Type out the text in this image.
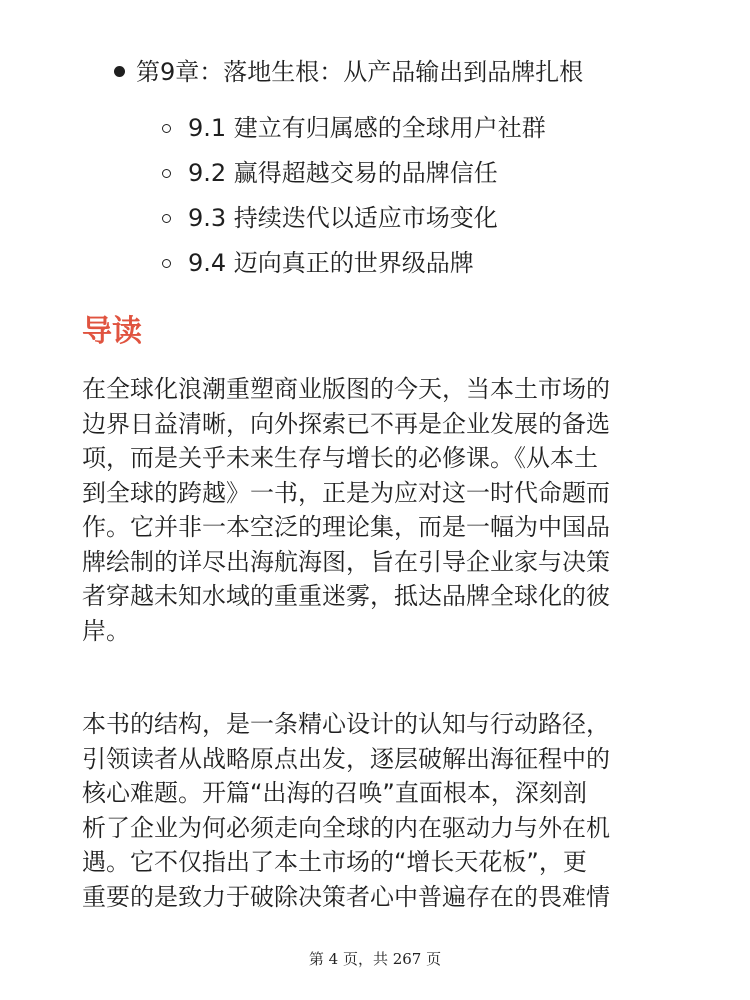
第9章：落地生根：从产品输出到品牌扎根
9.1 建立有归属感的全球用户社群
9.2 赢得超越交易的品牌信任
9.3 持续迭代以适应市场变化
9.4 迈向真正的世界级品牌
导读
在全球化浪潮重塑商业版图的今天，当本土市场的
边界日益清晰，向外探索已不再是企业发展的备选
项，而是关乎未来生存与增长的必修课。《从本土
到全球的跨越》一书，正是为应对这一时代命题而
作。它并非一本空泛的理论集，而是一幅为中国品
牌绘制的详尽出海航海图，旨在引导企业家与决策
者穿越未知水域的重重迷雾，抵达品牌全球化的彼
岸。
本书的结构，是一条精心设计的认知与行动路径，
引领读者从战略原点出发，逐层破解出海征程中的
核心难题。开篇“出海的召唤”直面根本，深刻剖
析了企业为何必须走向全球的内在驱动力与外在机
遇。它不仅指出了本土市场的“增长天花板”，更
重要的是致力于破除决策者心中普遍存在的畏难情
第 4 页，共 267 页
